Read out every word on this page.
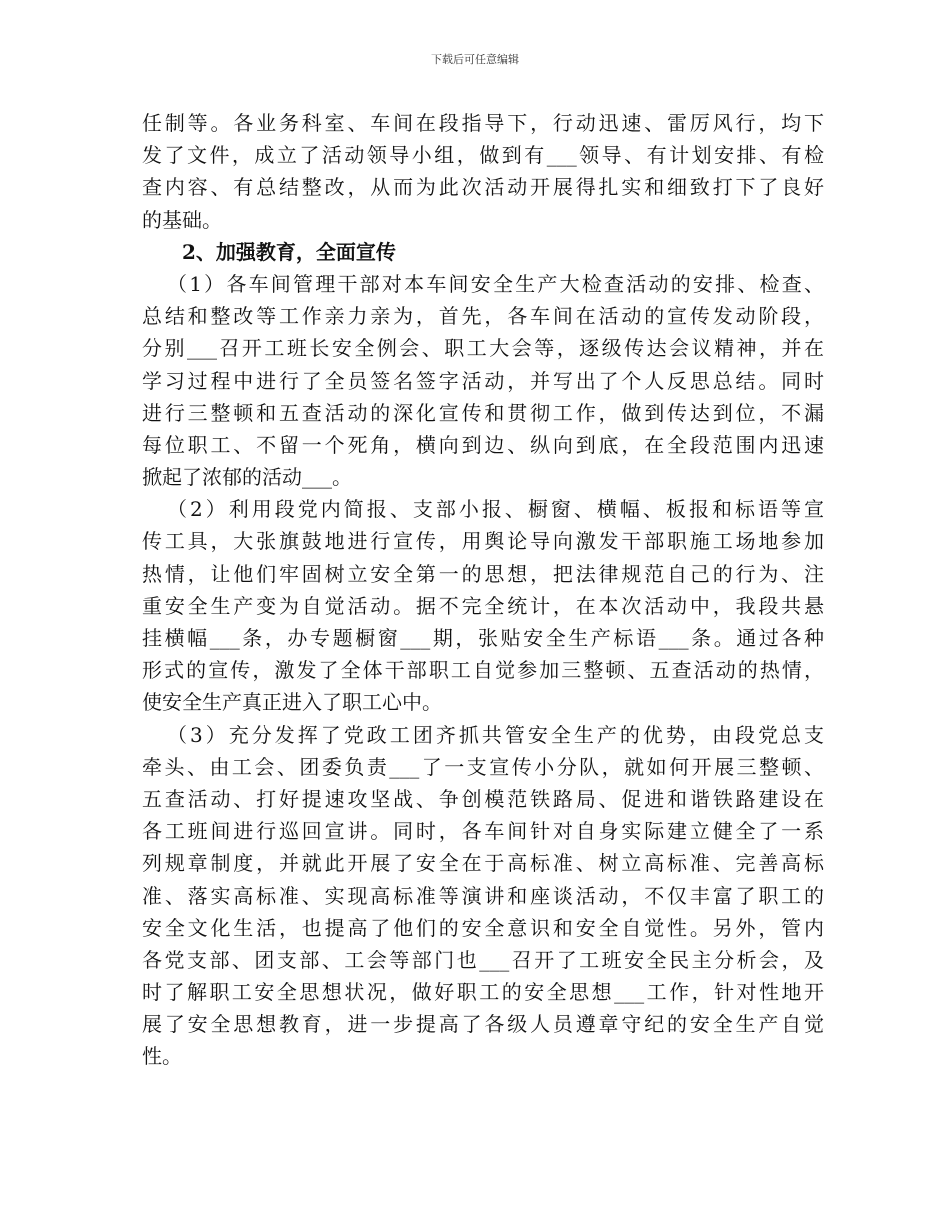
下载后可任意编辑
任制等。各业务科室、车间在段指导下，行动迅速、雷厉风行，均下
发了文件，成立了活动领导小组，做到有___领导、有计划安排、有检
查内容、有总结整改，从而为此次活动开展得扎实和细致打下了良好
的基础。
2、加强教育，全面宣传
（1）各车间管理干部对本车间安全生产大检查活动的安排、检查、
总结和整改等工作亲力亲为，首先，各车间在活动的宣传发动阶段，
分别___召开工班长安全例会、职工大会等，逐级传达会议精神，并在
学习过程中进行了全员签名签字活动，并写出了个人反思总结。同时
进行三整顿和五查活动的深化宣传和贯彻工作，做到传达到位，不漏
每位职工、不留一个死角，横向到边、纵向到底，在全段范围内迅速
掀起了浓郁的活动___。
（2）利用段党内简报、支部小报、橱窗、横幅、板报和标语等宣
传工具，大张旗鼓地进行宣传，用舆论导向激发干部职施工场地参加
热情，让他们牢固树立安全第一的思想，把法律规范自己的行为、注
重安全生产变为自觉活动。据不完全统计，在本次活动中，我段共悬
挂横幅___条，办专题橱窗___期，张贴安全生产标语___条。通过各种
形式的宣传，激发了全体干部职工自觉参加三整顿、五查活动的热情，
使安全生产真正进入了职工心中。
（3）充分发挥了党政工团齐抓共管安全生产的优势，由段党总支
牵头、由工会、团委负责___了一支宣传小分队，就如何开展三整顿、
五查活动、打好提速攻坚战、争创模范铁路局、促进和谐铁路建设在
各工班间进行巡回宣讲。同时，各车间针对自身实际建立健全了一系
列规章制度，并就此开展了安全在于高标准、树立高标准、完善高标
准、落实高标准、实现高标准等演讲和座谈活动，不仅丰富了职工的
安全文化生活，也提高了他们的安全意识和安全自觉性。另外，管内
各党支部、团支部、工会等部门也___召开了工班安全民主分析会，及
时了解职工安全思想状况，做好职工的安全思想___工作，针对性地开
展了安全思想教育，进一步提高了各级人员遵章守纪的安全生产自觉
性。
